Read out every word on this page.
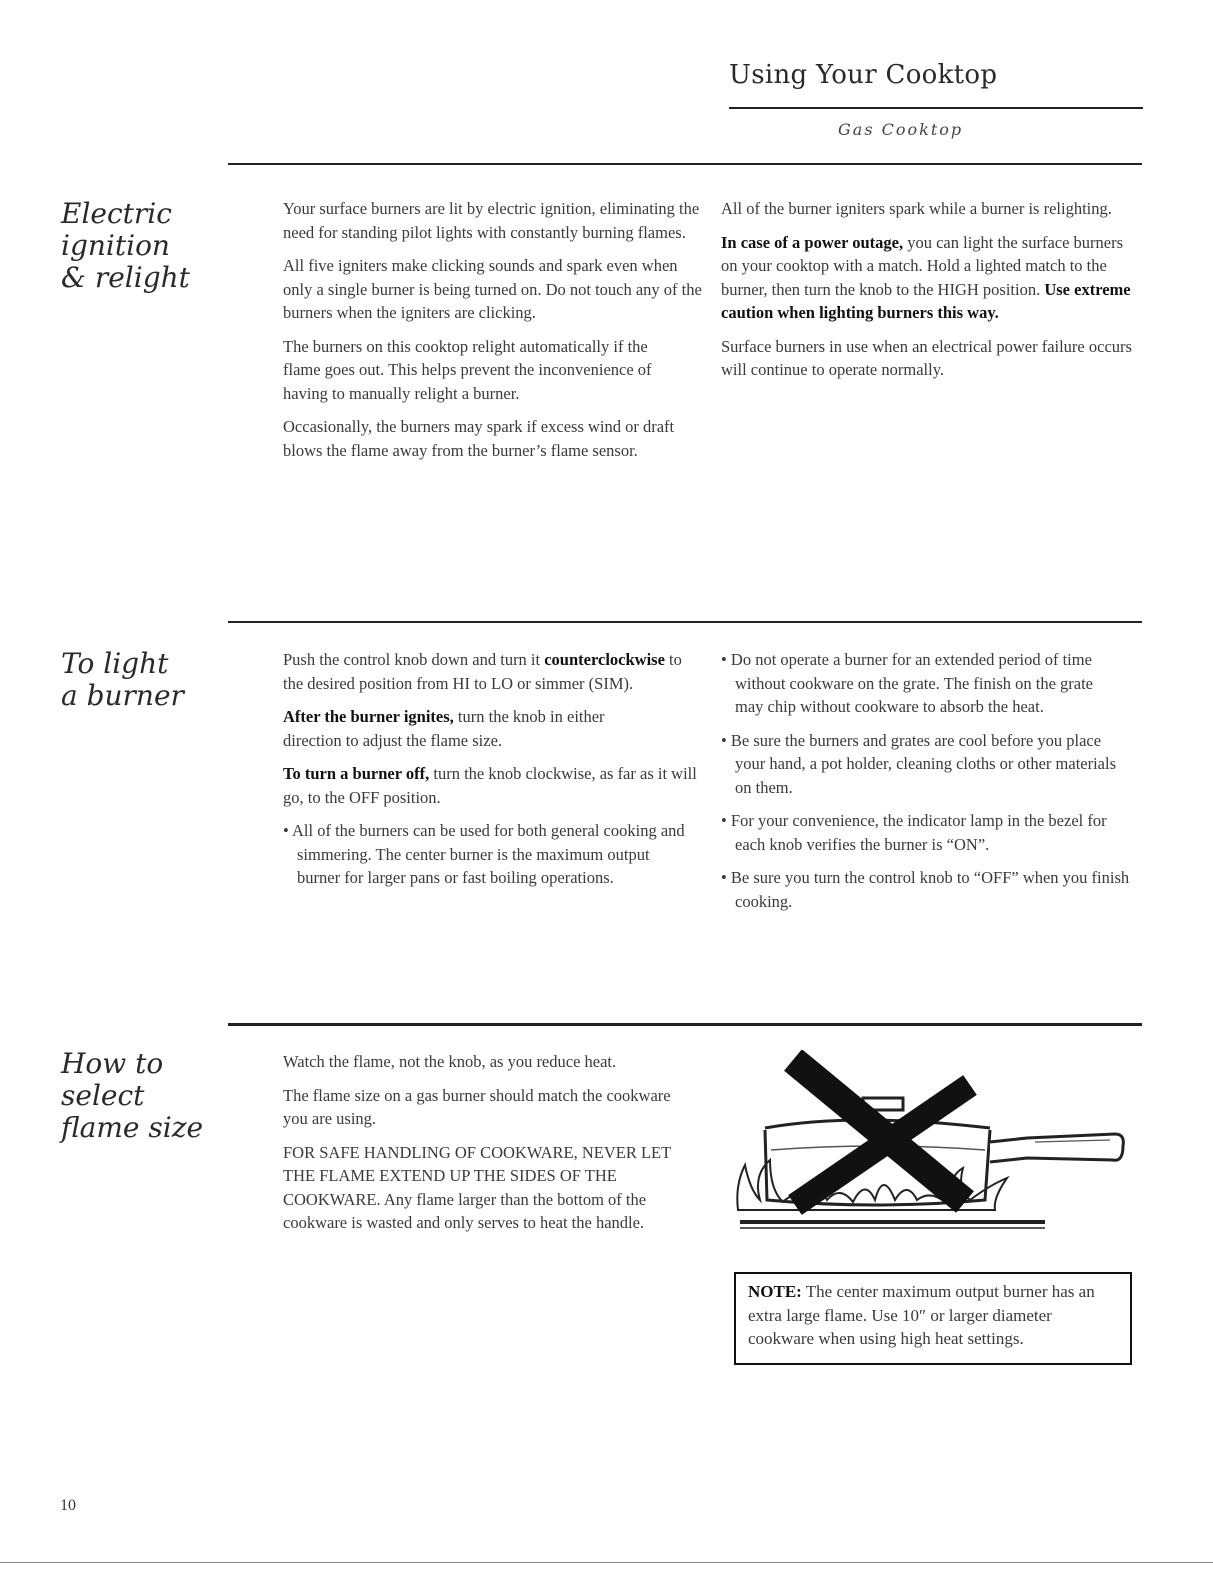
Using Your Cooktop
Gas Cooktop
Electric
ignition
& relight

Your surface burners are lit by electric ignition, eliminating the need for standing pilot lights with constantly burning flames.

All five igniters make clicking sounds and spark even when only a single burner is being turned on. Do not touch any of the burners when the igniters are clicking.

The burners on this cooktop relight automatically if the flame goes out. This helps prevent the inconvenience of having to manually relight a burner.

Occasionally, the burners may spark if excess wind or draft blows the flame away from the burner’s flame sensor.

All of the burner igniters spark while a burner is relighting.

In case of a power outage, you can light the surface burners on your cooktop with a match. Hold a lighted match to the burner, then turn the knob to the HIGH position. Use extreme caution when lighting burners this way.

Surface burners in use when an electrical power failure occurs will continue to operate normally.

To light
a burner

Push the control knob down and turn it counterclockwise to the desired position from HI to LO or simmer (SIM).

After the burner ignites, turn the knob in either direction to adjust the flame size.

To turn a burner off, turn the knob clockwise, as far as it will go, to the OFF position.

• All of the burners can be used for both general cooking and simmering. The center burner is the maximum output burner for larger pans or fast boiling operations.

• Do not operate a burner for an extended period of time without cookware on the grate. The finish on the grate may chip without cookware to absorb the heat.

• Be sure the burners and grates are cool before you place your hand, a pot holder, cleaning cloths or other materials on them.

• For your convenience, the indicator lamp in the bezel for each knob verifies the burner is “ON”.

• Be sure you turn the control knob to “OFF” when you finish cooking.

How to
select
flame size

Watch the flame, not the knob, as you reduce heat.

The flame size on a gas burner should match the cookware you are using.

FOR SAFE HANDLING OF COOKWARE, NEVER LET THE FLAME EXTEND UP THE SIDES OF THE COOKWARE. Any flame larger than the bottom of the cookware is wasted and only serves to heat the handle.

NOTE: The center maximum output burner has an extra large flame. Use 10″ or larger diameter cookware when using high heat settings.
10
